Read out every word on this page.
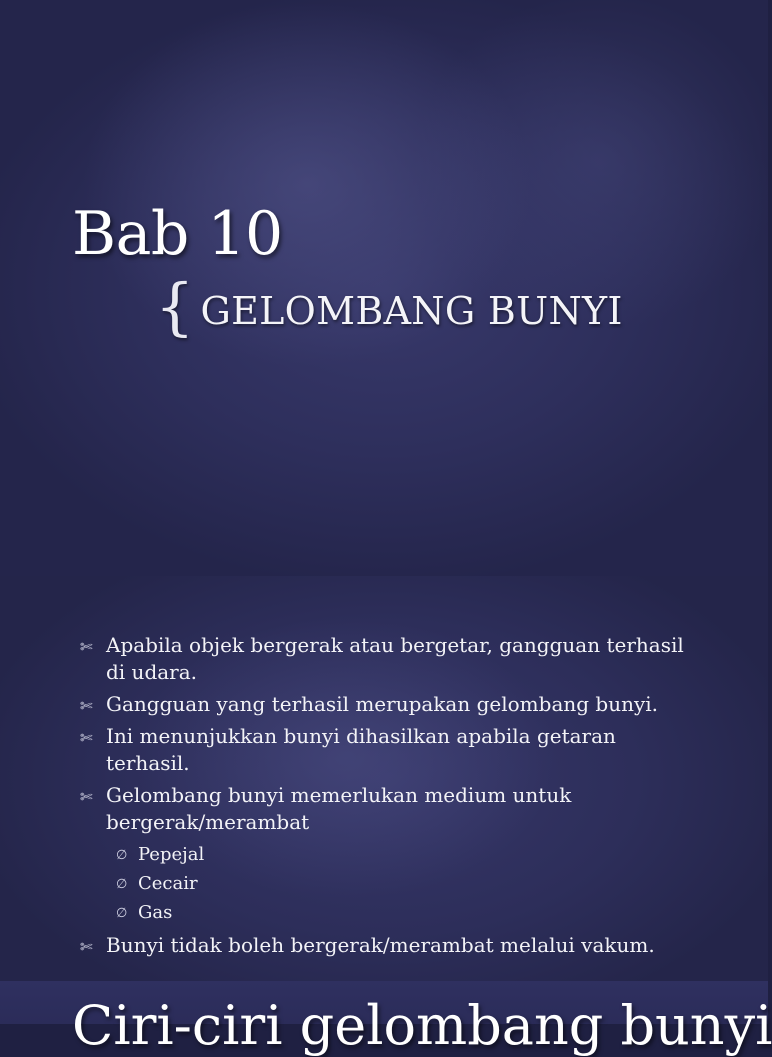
Bab 10
{ GELOMBANG BUNYI
✄ Apabila objek bergerak atau bergetar, gangguan terhasil di udara.
✄ Gangguan yang terhasil merupakan gelombang bunyi.
✄ Ini menunjukkan bunyi dihasilkan apabila getaran terhasil.
✄ Gelombang bunyi memerlukan medium untuk bergerak/merambat
∅ Pepejal
∅ Cecair
∅ Gas
✄ Bunyi tidak boleh bergerak/merambat melalui vakum.
Ciri-ciri gelombang bunyi
